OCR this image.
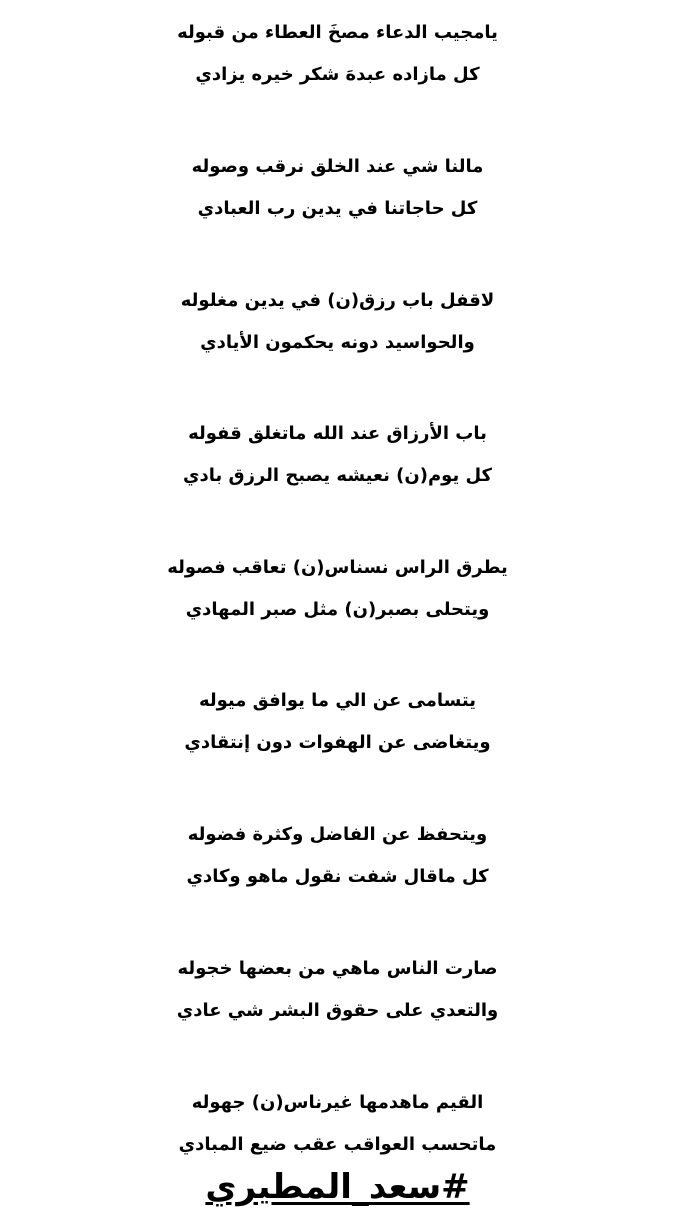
يامجيب الدعاء مصخَ العطاء من قبوله
كل مازاده عبدهَ شكر خيره يزادي
مالنا شي عند الخلق نرقب وصوله
كل حاجاتنا في يدين رب العبادي
لاقفل باب رزق(ن) في يدين مغلوله
والحواسيد دونه يحكمون الأيادي
باب الأرزاق عند الله ماتغلق قفوله
كل يوم(ن) نعيشه يصبح الرزق بادي
يطرق الراس نسناس(ن) تعاقب فصوله
ويتحلى بصبر(ن) مثل صبر المهادي
يتسامى عن الي ما يوافق ميوله
ويتغاضى عن الهفوات دون إنتقادي
ويتحفظ عن الفاضل وكثرة فضوله
كل ماقال شفت نقول ماهو وكادي
صارت الناس ماهي من بعضها خجوله
والتعدي على حقوق البشر شي عادي
القيم ماهدمها غيرناس(ن) جهوله
ماتحسب العواقب عقب ضيع المبادي
#سعد_المطيري
